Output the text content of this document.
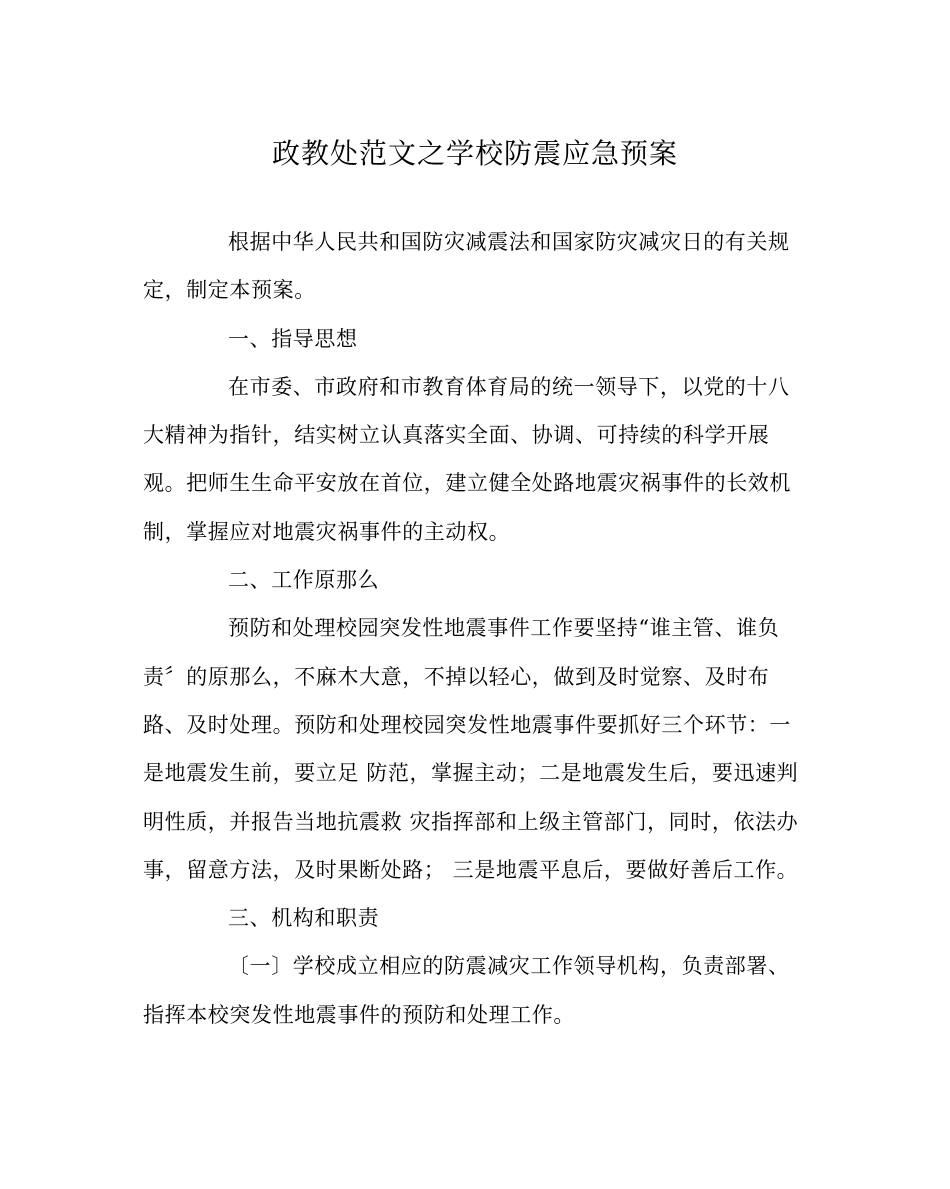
政教处范文之学校防震应急预案
根据中华人民共和国防灾减震法和国家防灾减灾日的有关规
定，制定本预案。
一、指导思想
在市委、市政府和市教育体育局的统一领导下，以党的十八
大精神为指针，结实树立认真落实全面、协调、可持续的科学开展
观。把师生生命平安放在首位，建立健全处路地震灾祸事件的长效机
制，掌握应对地震灾祸事件的主动权。
二、工作原那么
预防和处理校园突发性地震事件工作要坚持“谁主管、谁负
责〞的原那么，不麻木大意，不掉以轻心，做到及时觉察、及时布
路、及时处理。预防和处理校园突发性地震事件要抓好三个环节：一
是地震发生前，要立足 防范，掌握主动；二是地震发生后，要迅速判
明性质，并报告当地抗震救 灾指挥部和上级主管部门，同时，依法办
事，留意方法，及时果断处路； 三是地震平息后，要做好善后工作。
三、机构和职责
〔一〕学校成立相应的防震减灾工作领导机构，负责部署、
指挥本校突发性地震事件的预防和处理工作。
